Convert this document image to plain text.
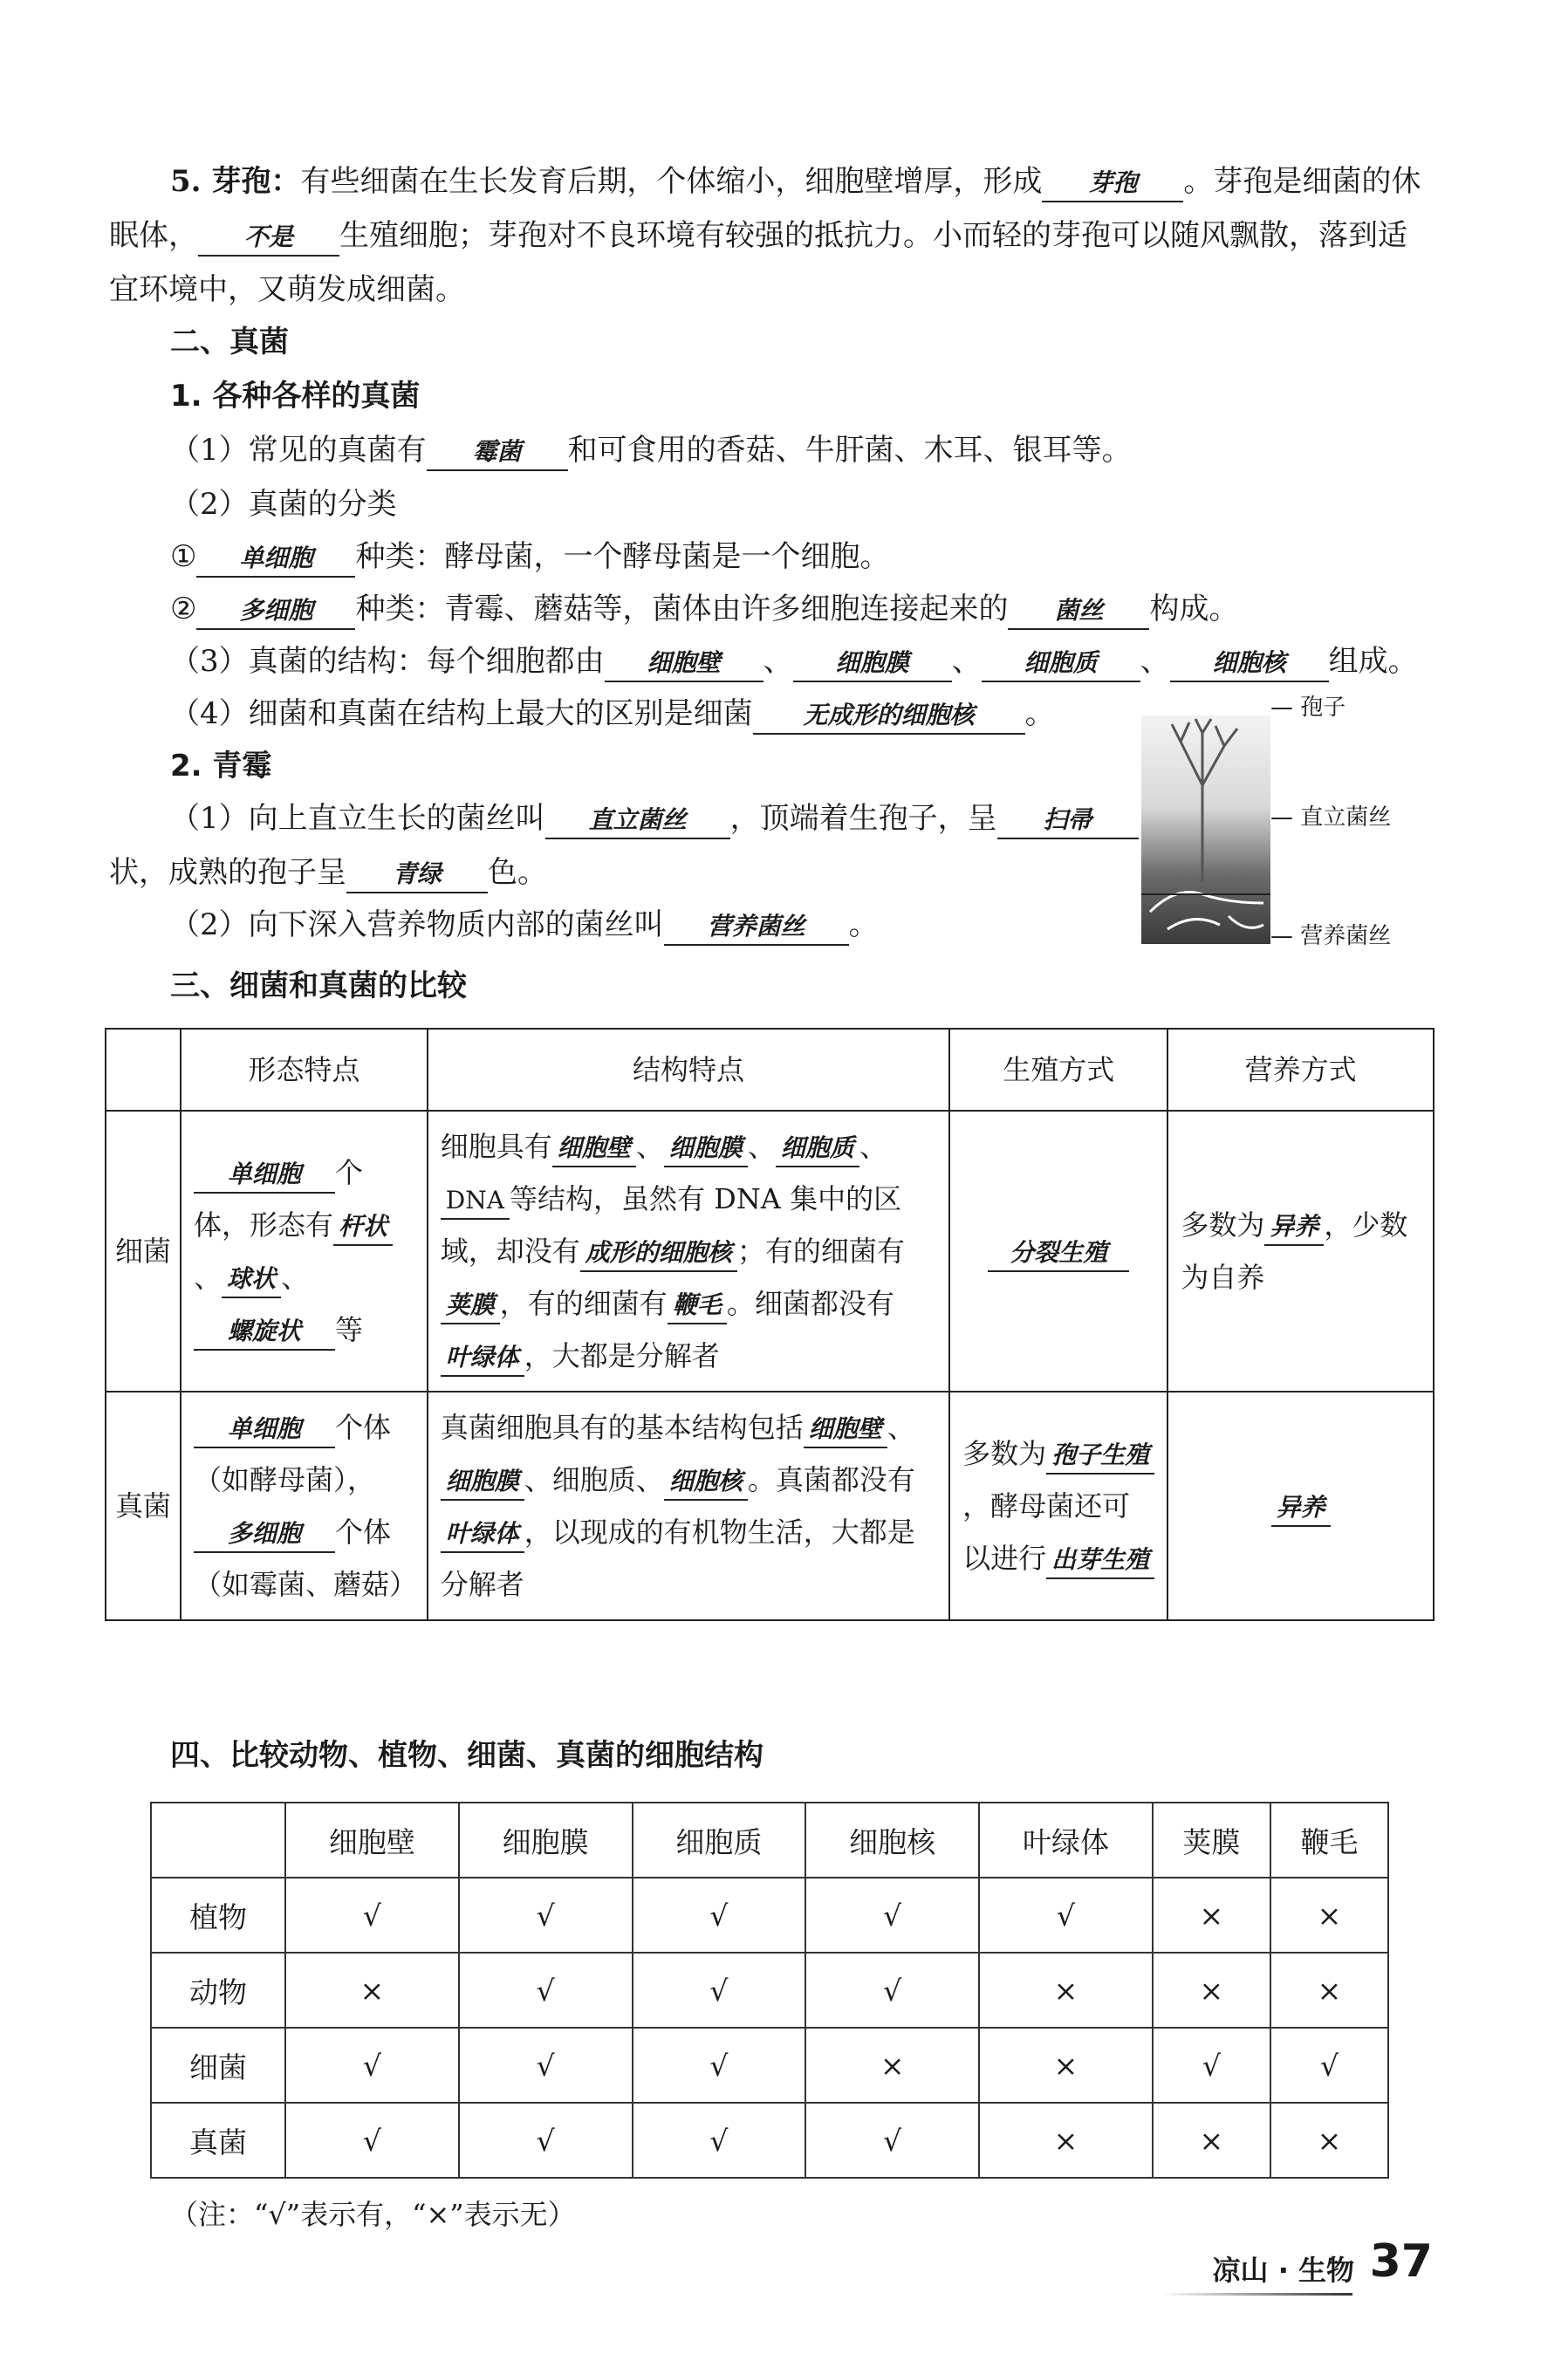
5. 芽孢：有些细菌在生长发育后期，个体缩小，细胞壁增厚，形成 芽孢 。芽孢是细菌的休
眠体， 不是 生殖细胞；芽孢对不良环境有较强的抵抗力。小而轻的芽孢可以随风飘散，落到适
宜环境中，又萌发成细菌。
二、真菌
1. 各种各样的真菌
（1）常见的真菌有 霉菌 和可食用的香菇、牛肝菌、木耳、银耳等。
（2）真菌的分类
① 单细胞 种类：酵母菌，一个酵母菌是一个细胞。
② 多细胞 种类：青霉、蘑菇等，菌体由许多细胞连接起来的 菌丝 构成。
（3）真菌的结构：每个细胞都由 细胞壁 、 细胞膜 、 细胞质 、 细胞核 组成。
（4）细菌和真菌在结构上最大的区别是细菌 无成形的细胞核 。
2. 青霉
（1）向上直立生长的菌丝叫 直立菌丝 ，顶端着生孢子，呈 扫帚
状，成熟的孢子呈 青绿 色。
（2）向下深入营养物质内部的菌丝叫 营养菌丝 。
— 孢子
— 直立菌丝
— 营养菌丝
三、细菌和真菌的比较
	形态特点	结构特点	生殖方式	营养方式
细菌	单细胞 个体，形态有 杆状、 球状 、螺旋状 等	细胞具有 细胞壁 、 细胞膜 、 细胞质 、DNA 等结构，虽然有 DNA 集中的区域，却没有 成形的细胞核 ；有的细菌有荚膜 ，有的细菌有 鞭毛 。细菌都没有叶绿体 ，大都是分解者	分裂生殖	多数为 异养 ，少数为自养
真菌	单细胞 个体（如酵母菌），多细胞 个体（如霉菌、蘑菇）	真菌细胞具有的基本结构包括 细胞壁 、细胞膜 、细胞质、 细胞核 。真菌都没有叶绿体 ，以现成的有机物生活，大都是分解者	多数为 孢子生殖，酵母菌还可以进行 出芽生殖	异养
四、比较动物、植物、细菌、真菌的细胞结构
	细胞壁	细胞膜	细胞质	细胞核	叶绿体	荚膜	鞭毛
植物	√	√	√	√	√	×	×
动物	×	√	√	√	×	×	×
细菌	√	√	√	×	×	√	√
真菌	√	√	√	√	×	×	×
（注：“√”表示有，“×”表示无）
凉山 · 生物 37
